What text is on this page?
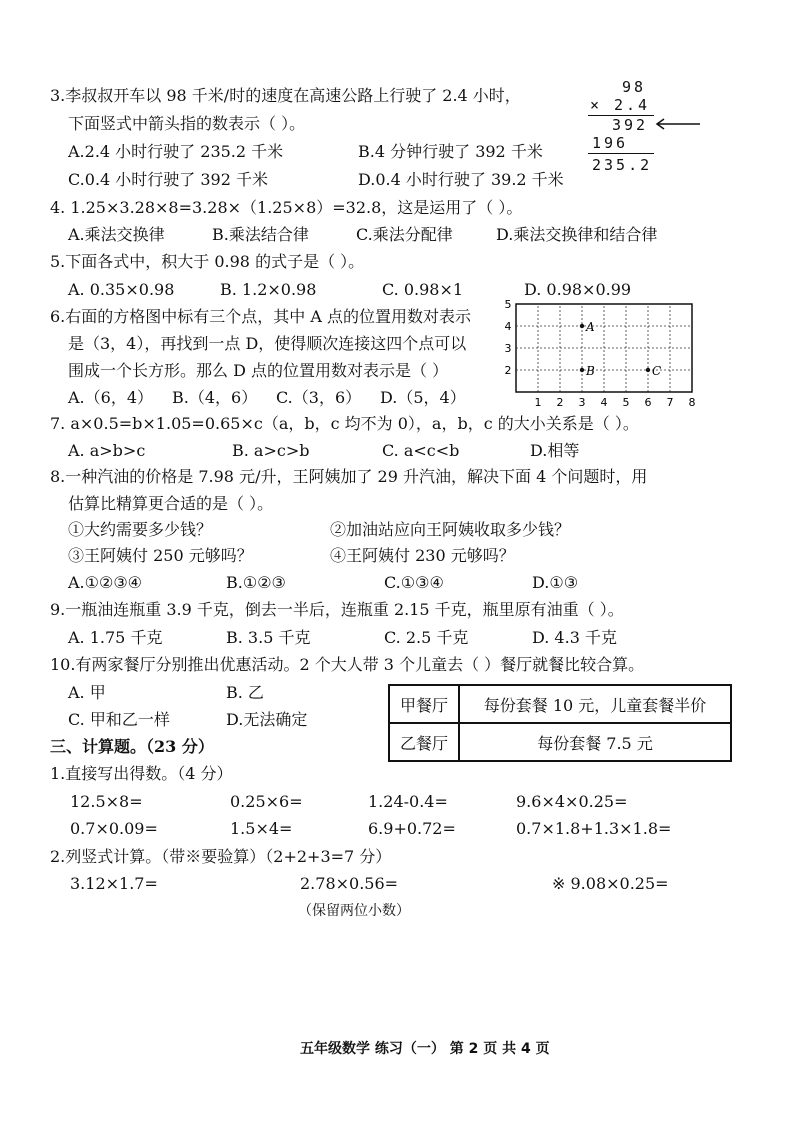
3.李叔叔开车以 98 千米/时的速度在高速公路上行驶了 2.4 小时，
下面竖式中箭头指的数表示（ ）。
A.2.4 小时行驶了 235.2 千米	B.4 分钟行驶了 392 千米
C.0.4 小时行驶了 392 千米	D.0.4 小时行驶了 39.2 千米
98
× 2.4
392
196
235.2
4. 1.25×3.28×8=3.28×（1.25×8）=32.8，这是运用了（ ）。
A.乘法交换律	B.乘法结合律	C.乘法分配律	D.乘法交换律和结合律
5.下面各式中，积大于 0.98 的式子是（ ）。
A. 0.35×0.98	B. 1.2×0.98	C. 0.98×1	D. 0.98×0.99
6.右面的方格图中标有三个点，其中 A 点的位置用数对表示
是（3，4），再找到一点 D，使得顺次连接这四个点可以
围成一个长方形。那么 D 点的位置用数对表示是（ ）
A.（6，4） B.（4，6） C.（3，6） D.（5，4）	1 2 3 4 5 6 7 8
2
3
4
5
A
B	C
7. a×0.5=b×1.05=0.65×c（a，b，c 均不为 0），a，b，c 的大小关系是（ ）。
A. a>b>c	B. a>c>b	C. a<c<b	D.相等
8.一种汽油的价格是 7.98 元/升，王阿姨加了 29 升汽油，解决下面 4 个问题时，用
估算比精算更合适的是（ ）。
①大约需要多少钱？	②加油站应向王阿姨收取多少钱？
③王阿姨付 250 元够吗？	④王阿姨付 230 元够吗？
A.①②③④	B.①②③	C.①③④	D.①③
9.一瓶油连瓶重 3.9 千克，倒去一半后，连瓶重 2.15 千克，瓶里原有油重（ ）。
A. 1.75 千克	B. 3.5 千克	C. 2.5 千克	D. 4.3 千克
10.有两家餐厅分别推出优惠活动。2 个大人带 3 个儿童去（ ）餐厅就餐比较合算。
A. 甲	B. 乙
C. 甲和乙一样	D.无法确定
甲餐厅	每份套餐 10 元，儿童套餐半价
乙餐厅	每份套餐 7.5 元
三、计算题。（23 分）
1.直接写出得数。（4 分）
12.5×8=	0.25×6=	1.24-0.4=	9.6×4×0.25=
0.7×0.09=	1.5×4=	6.9+0.72=	0.7×1.8+1.3×1.8=
2.列竖式计算。（带※要验算）（2+2+3=7 分）
3.12×1.7=	2.78×0.56=	※ 9.08×0.25=
（保留两位小数）
五年级数学 练习（一） 第 2 页 共 4 页
